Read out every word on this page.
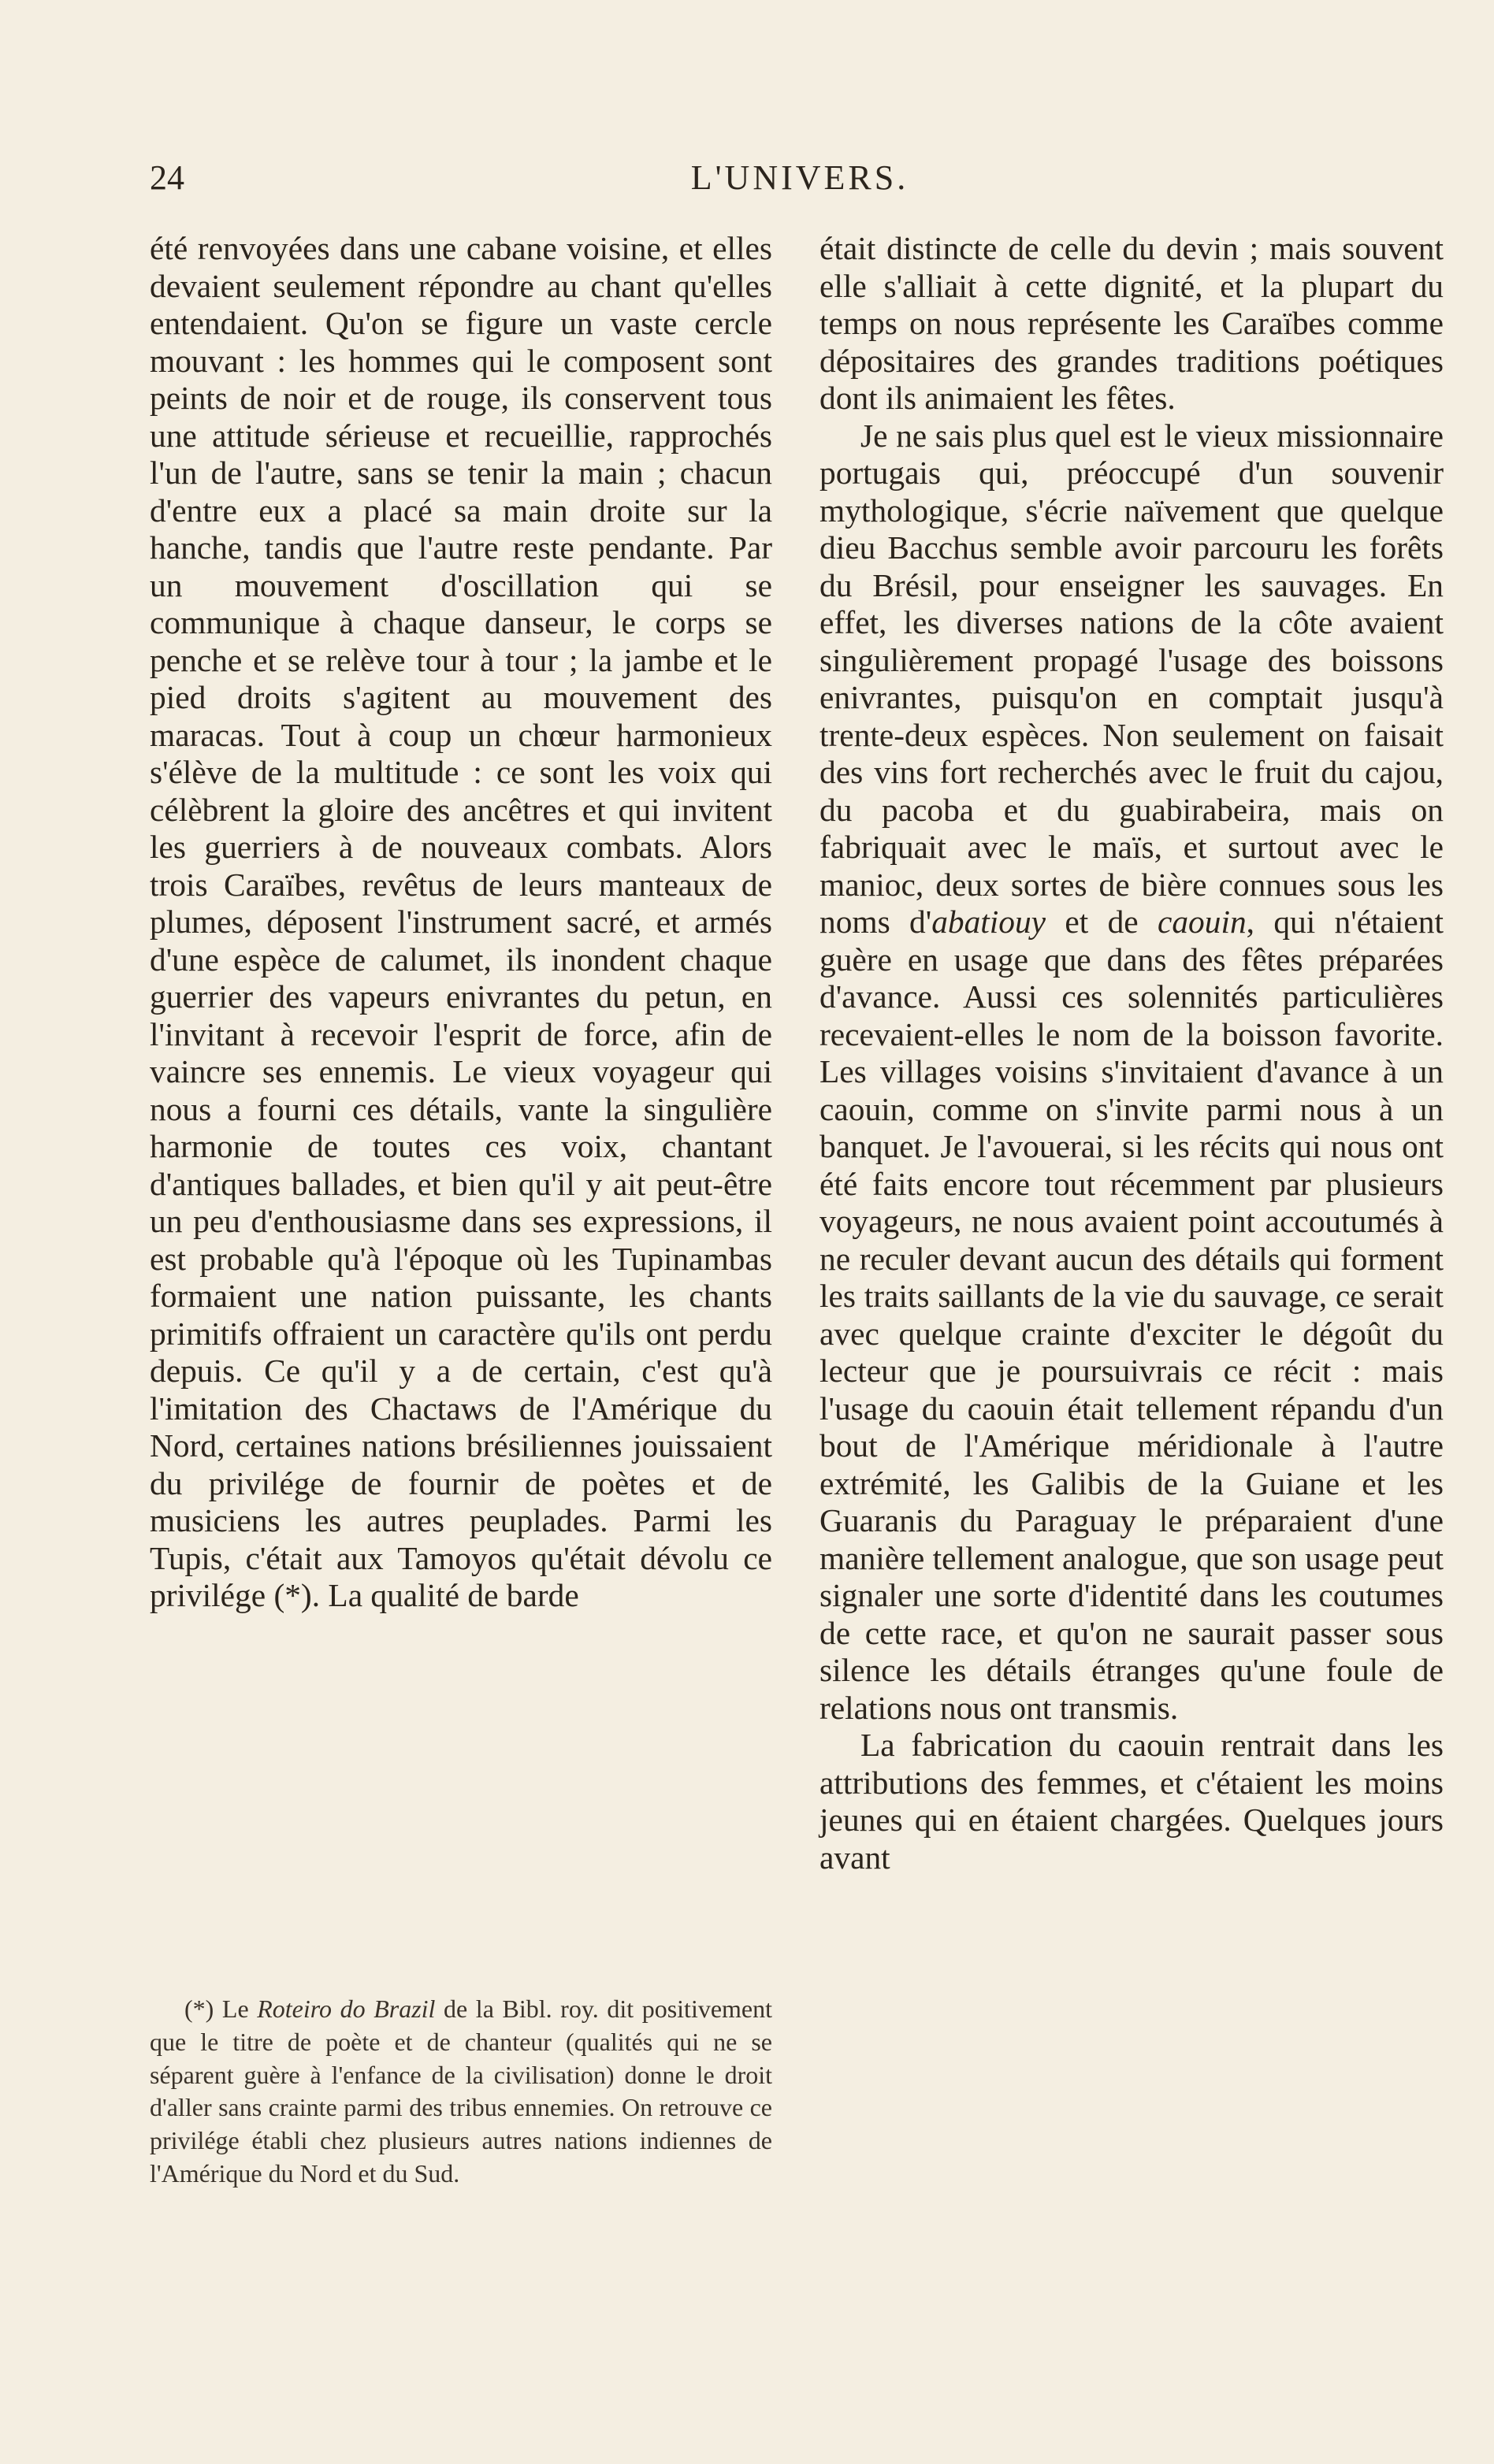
24	L'UNIVERS.

été renvoyées dans une cabane voisine, et elles devaient seulement répondre au chant qu'elles entendaient. Qu'on se figure un vaste cercle mouvant : les hommes qui le composent sont peints de noir et de rouge, ils conservent tous une attitude sérieuse et recueillie, rapprochés l'un de l'autre, sans se tenir la main ; chacun d'entre eux a placé sa main droite sur la hanche, tandis que l'autre reste pendante. Par un mouvement d'oscillation qui se communique à chaque danseur, le corps se penche et se relève tour à tour ; la jambe et le pied droits s'agitent au mouvement des maracas. Tout à coup un chœur harmonieux s'élève de la multitude : ce sont les voix qui célèbrent la gloire des ancêtres et qui invitent les guerriers à de nouveaux combats. Alors trois Caraïbes, revêtus de leurs manteaux de plumes, déposent l'instrument sacré, et armés d'une espèce de calumet, ils inondent chaque guerrier des vapeurs enivrantes du petun, en l'invitant à recevoir l'esprit de force, afin de vaincre ses ennemis. Le vieux voyageur qui nous a fourni ces détails, vante la singulière harmonie de toutes ces voix, chantant d'antiques ballades, et bien qu'il y ait peut-être un peu d'enthousiasme dans ses expressions, il est probable qu'à l'époque où les Tupinambas formaient une nation puissante, les chants primitifs offraient un caractère qu'ils ont perdu depuis. Ce qu'il y a de certain, c'est qu'à l'imitation des Chactaws de l'Amérique du Nord, certaines nations brésiliennes jouissaient du privilége de fournir de poètes et de musiciens les autres peuplades. Parmi les Tupis, c'était aux Tamoyos qu'était dévolu ce privilége (*). La qualité de barde

(*) Le Roteiro do Brazil de la Bibl. roy. dit positivement que le titre de poète et de chanteur (qualités qui ne se séparent guère à l'enfance de la civilisation) donne le droit d'aller sans crainte parmi des tribus ennemies. On retrouve ce privilége établi chez plusieurs autres nations indiennes de l'Amérique du Nord et du Sud.

était distincte de celle du devin ; mais souvent elle s'alliait à cette dignité, et la plupart du temps on nous représente les Caraïbes comme dépositaires des grandes traditions poétiques dont ils animaient les fêtes.

Je ne sais plus quel est le vieux missionnaire portugais qui, préoccupé d'un souvenir mythologique, s'écrie naïvement que quelque dieu Bacchus semble avoir parcouru les forêts du Brésil, pour enseigner les sauvages. En effet, les diverses nations de la côte avaient singulièrement propagé l'usage des boissons enivrantes, puisqu'on en comptait jusqu'à trente-deux espèces. Non seulement on faisait des vins fort recherchés avec le fruit du cajou, du pacoba et du guabirabeira, mais on fabriquait avec le maïs, et surtout avec le manioc, deux sortes de bière connues sous les noms d'abatiouy et de caouin, qui n'étaient guère en usage que dans des fêtes préparées d'avance. Aussi ces solennités particulières recevaient-elles le nom de la boisson favorite. Les villages voisins s'invitaient d'avance à un caouin, comme on s'invite parmi nous à un banquet. Je l'avouerai, si les récits qui nous ont été faits encore tout récemment par plusieurs voyageurs, ne nous avaient point accoutumés à ne reculer devant aucun des détails qui forment les traits saillants de la vie du sauvage, ce serait avec quelque crainte d'exciter le dégoût du lecteur que je poursuivrais ce récit : mais l'usage du caouin était tellement répandu d'un bout de l'Amérique méridionale à l'autre extrémité, les Galibis de la Guiane et les Guaranis du Paraguay le préparaient d'une manière tellement analogue, que son usage peut signaler une sorte d'identité dans les coutumes de cette race, et qu'on ne saurait passer sous silence les détails étranges qu'une foule de relations nous ont transmis.

La fabrication du caouin rentrait dans les attributions des femmes, et c'étaient les moins jeunes qui en étaient chargées. Quelques jours avant
